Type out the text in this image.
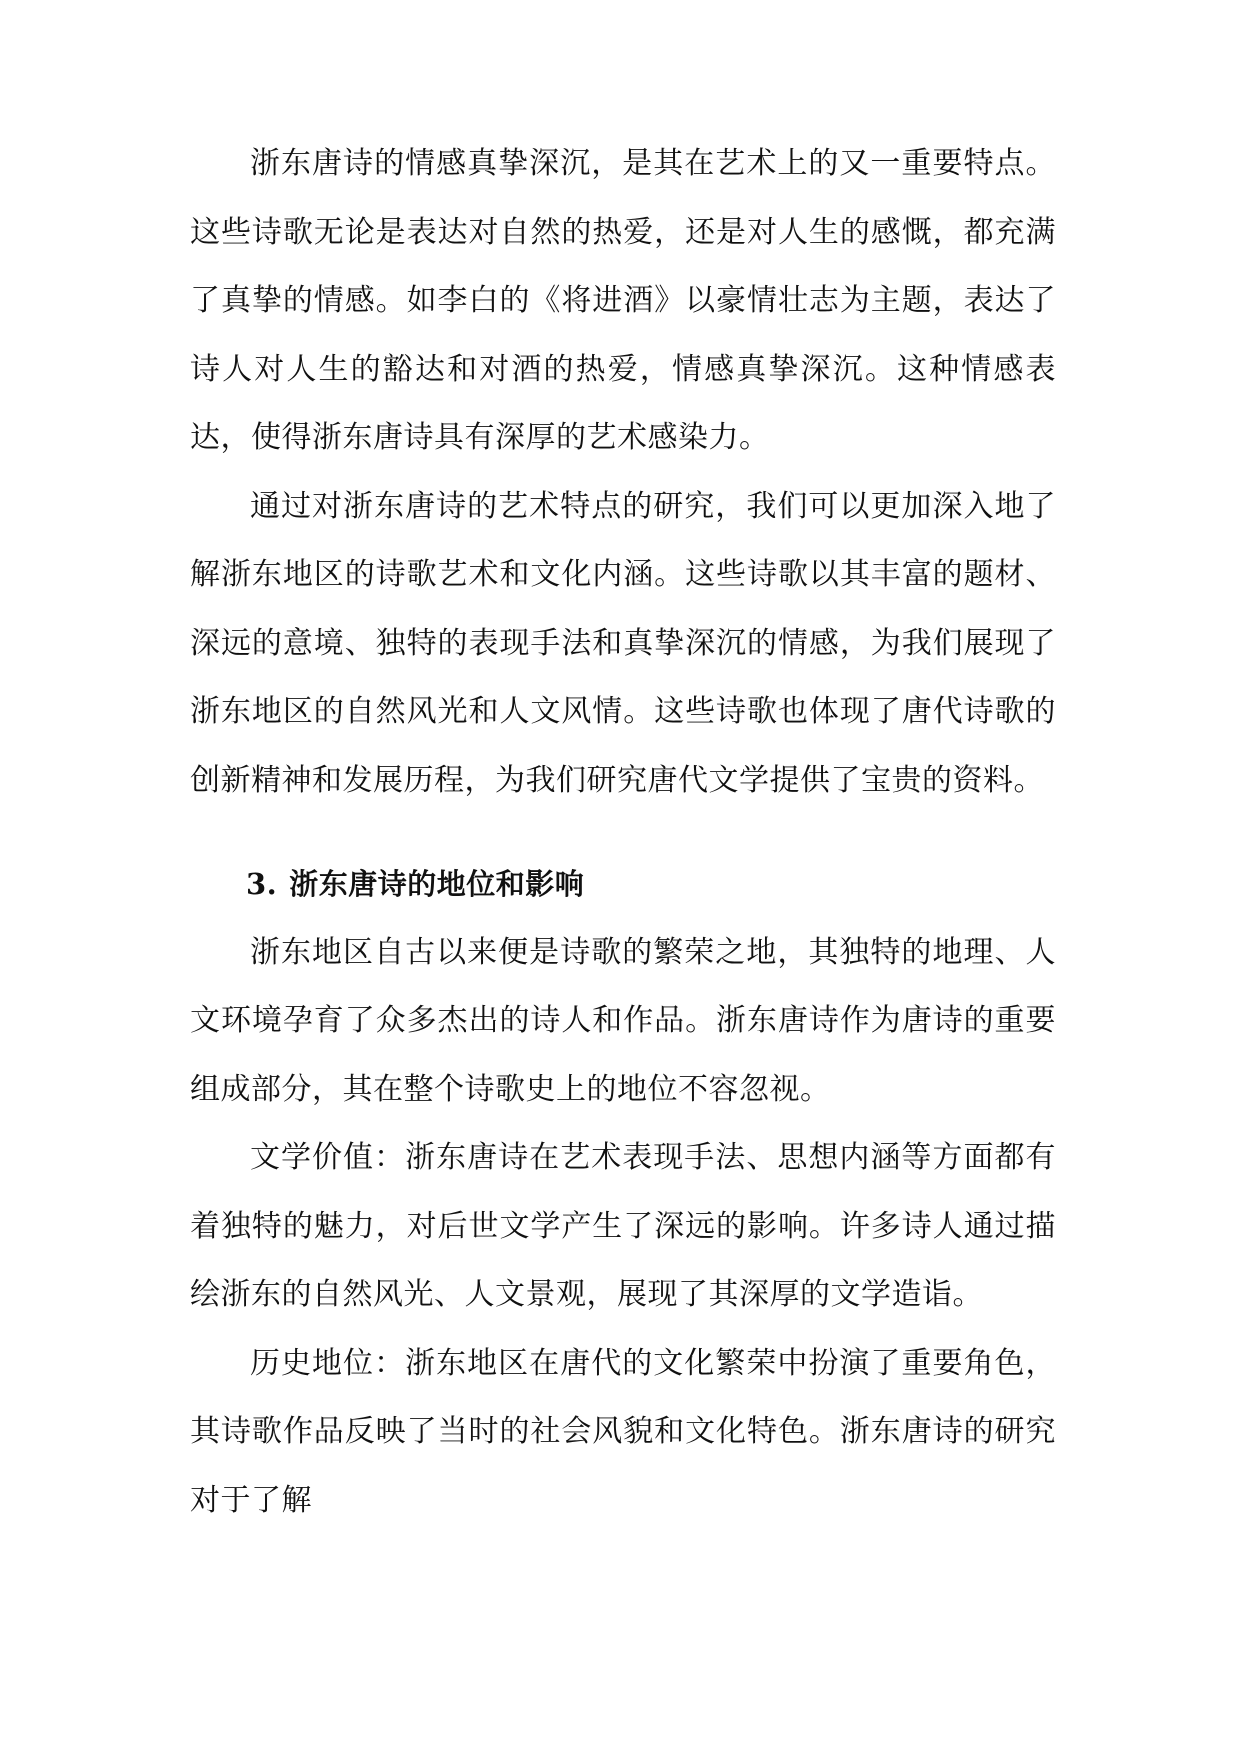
浙东唐诗的情感真挚深沉，是其在艺术上的又一重要特点。这些诗歌无论是表达对自然的热爱，还是对人生的感慨，都充满了真挚的情感。如李白的《将进酒》以豪情壮志为主题，表达了诗人对人生的豁达和对酒的热爱，情感真挚深沉。这种情感表达，使得浙东唐诗具有深厚的艺术感染力。

通过对浙东唐诗的艺术特点的研究，我们可以更加深入地了解浙东地区的诗歌艺术和文化内涵。这些诗歌以其丰富的题材、深远的意境、独特的表现手法和真挚深沉的情感，为我们展现了浙东地区的自然风光和人文风情。这些诗歌也体现了唐代诗歌的创新精神和发展历程，为我们研究唐代文学提供了宝贵的资料。

3. 浙东唐诗的地位和影响

浙东地区自古以来便是诗歌的繁荣之地，其独特的地理、人文环境孕育了众多杰出的诗人和作品。浙东唐诗作为唐诗的重要组成部分，其在整个诗歌史上的地位不容忽视。

文学价值：浙东唐诗在艺术表现手法、思想内涵等方面都有着独特的魅力，对后世文学产生了深远的影响。许多诗人通过描绘浙东的自然风光、人文景观，展现了其深厚的文学造诣。

历史地位：浙东地区在唐代的文化繁荣中扮演了重要角色，其诗歌作品反映了当时的社会风貌和文化特色。浙东唐诗的研究对于了解
